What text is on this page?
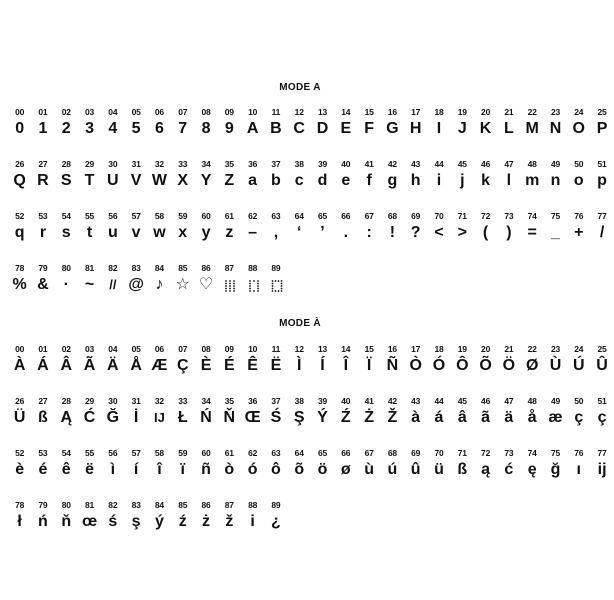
MODE A
00
0
01
1
02
2
03
3
04
4
05
5
06
6
07
7
08
8
09
9
10
A
11
B
12
C
13
D
14
E
15
F
16
G
17
H
18
I
19
J
20
K
21
L
22
M
23
N
24
O
25
P
26
Q
27
R
28
S
29
T
30
U
31
V
32
W
33
X
34
Y
35
Z
36
a
37
b
38
c
39
d
40
e
41
f
42
g
43
h
44
i
45
j
46
k
47
l
48
m
49
n
50
o
51
p
52
q
53
r
54
s
55
t
56
u
57
v
58
w
59
x
60
y
61
z
62
–
63
,
64
‘
65
’
66
.
67
:
68
!
69
?
70
<
71
>
72
(
73
)
74
=
75
_
76
+
77
/
78
%
79
&
80
·
81
~
82
//
83
@
84
♪
85
☆
86
♡
87	88	89
MODE À
00
À
01
Á
02
Â
03
Ã
04
Ä
05
Å
06
Æ
07
Ç
08
È
09
É
10
Ê
11
Ë
12
Ì
13
Í
14
Î
15
Ï
16
Ñ
17
Ò
18
Ó
19
Ô
20
Õ
21
Ö
22
Ø
23
Ù
24
Ú
25
Û
26
Ü
27
ß
28
Ą
29
Ć
30
Ğ
31
İ
32
IJ
33
Ł
34
Ń
35
Ň
36
Œ
37
Ś
38
Ş
39
Ý
40
Ź
41
Ż
42
Ž
43
à
44
á
45
â
46
ã
47
ä
48
å
49
æ
50
ç
51
ç
52
è
53
é
54
ê
55
ë
56
ì
57
í
58
î
59
ï
60
ñ
61
ò
62
ó
63
ô
64
õ
65
ö
66
ø
67
ù
68
ú
69
û
70
ü
71
ß
72
ą
73
ć
74
ę
75
ğ
76
ı
77
ij
78
ł
79
ń
80
ň
81
œ
82
ś
83
ş
84
ý
85
ź
86
ż
87
ž
88
i
89
¿
